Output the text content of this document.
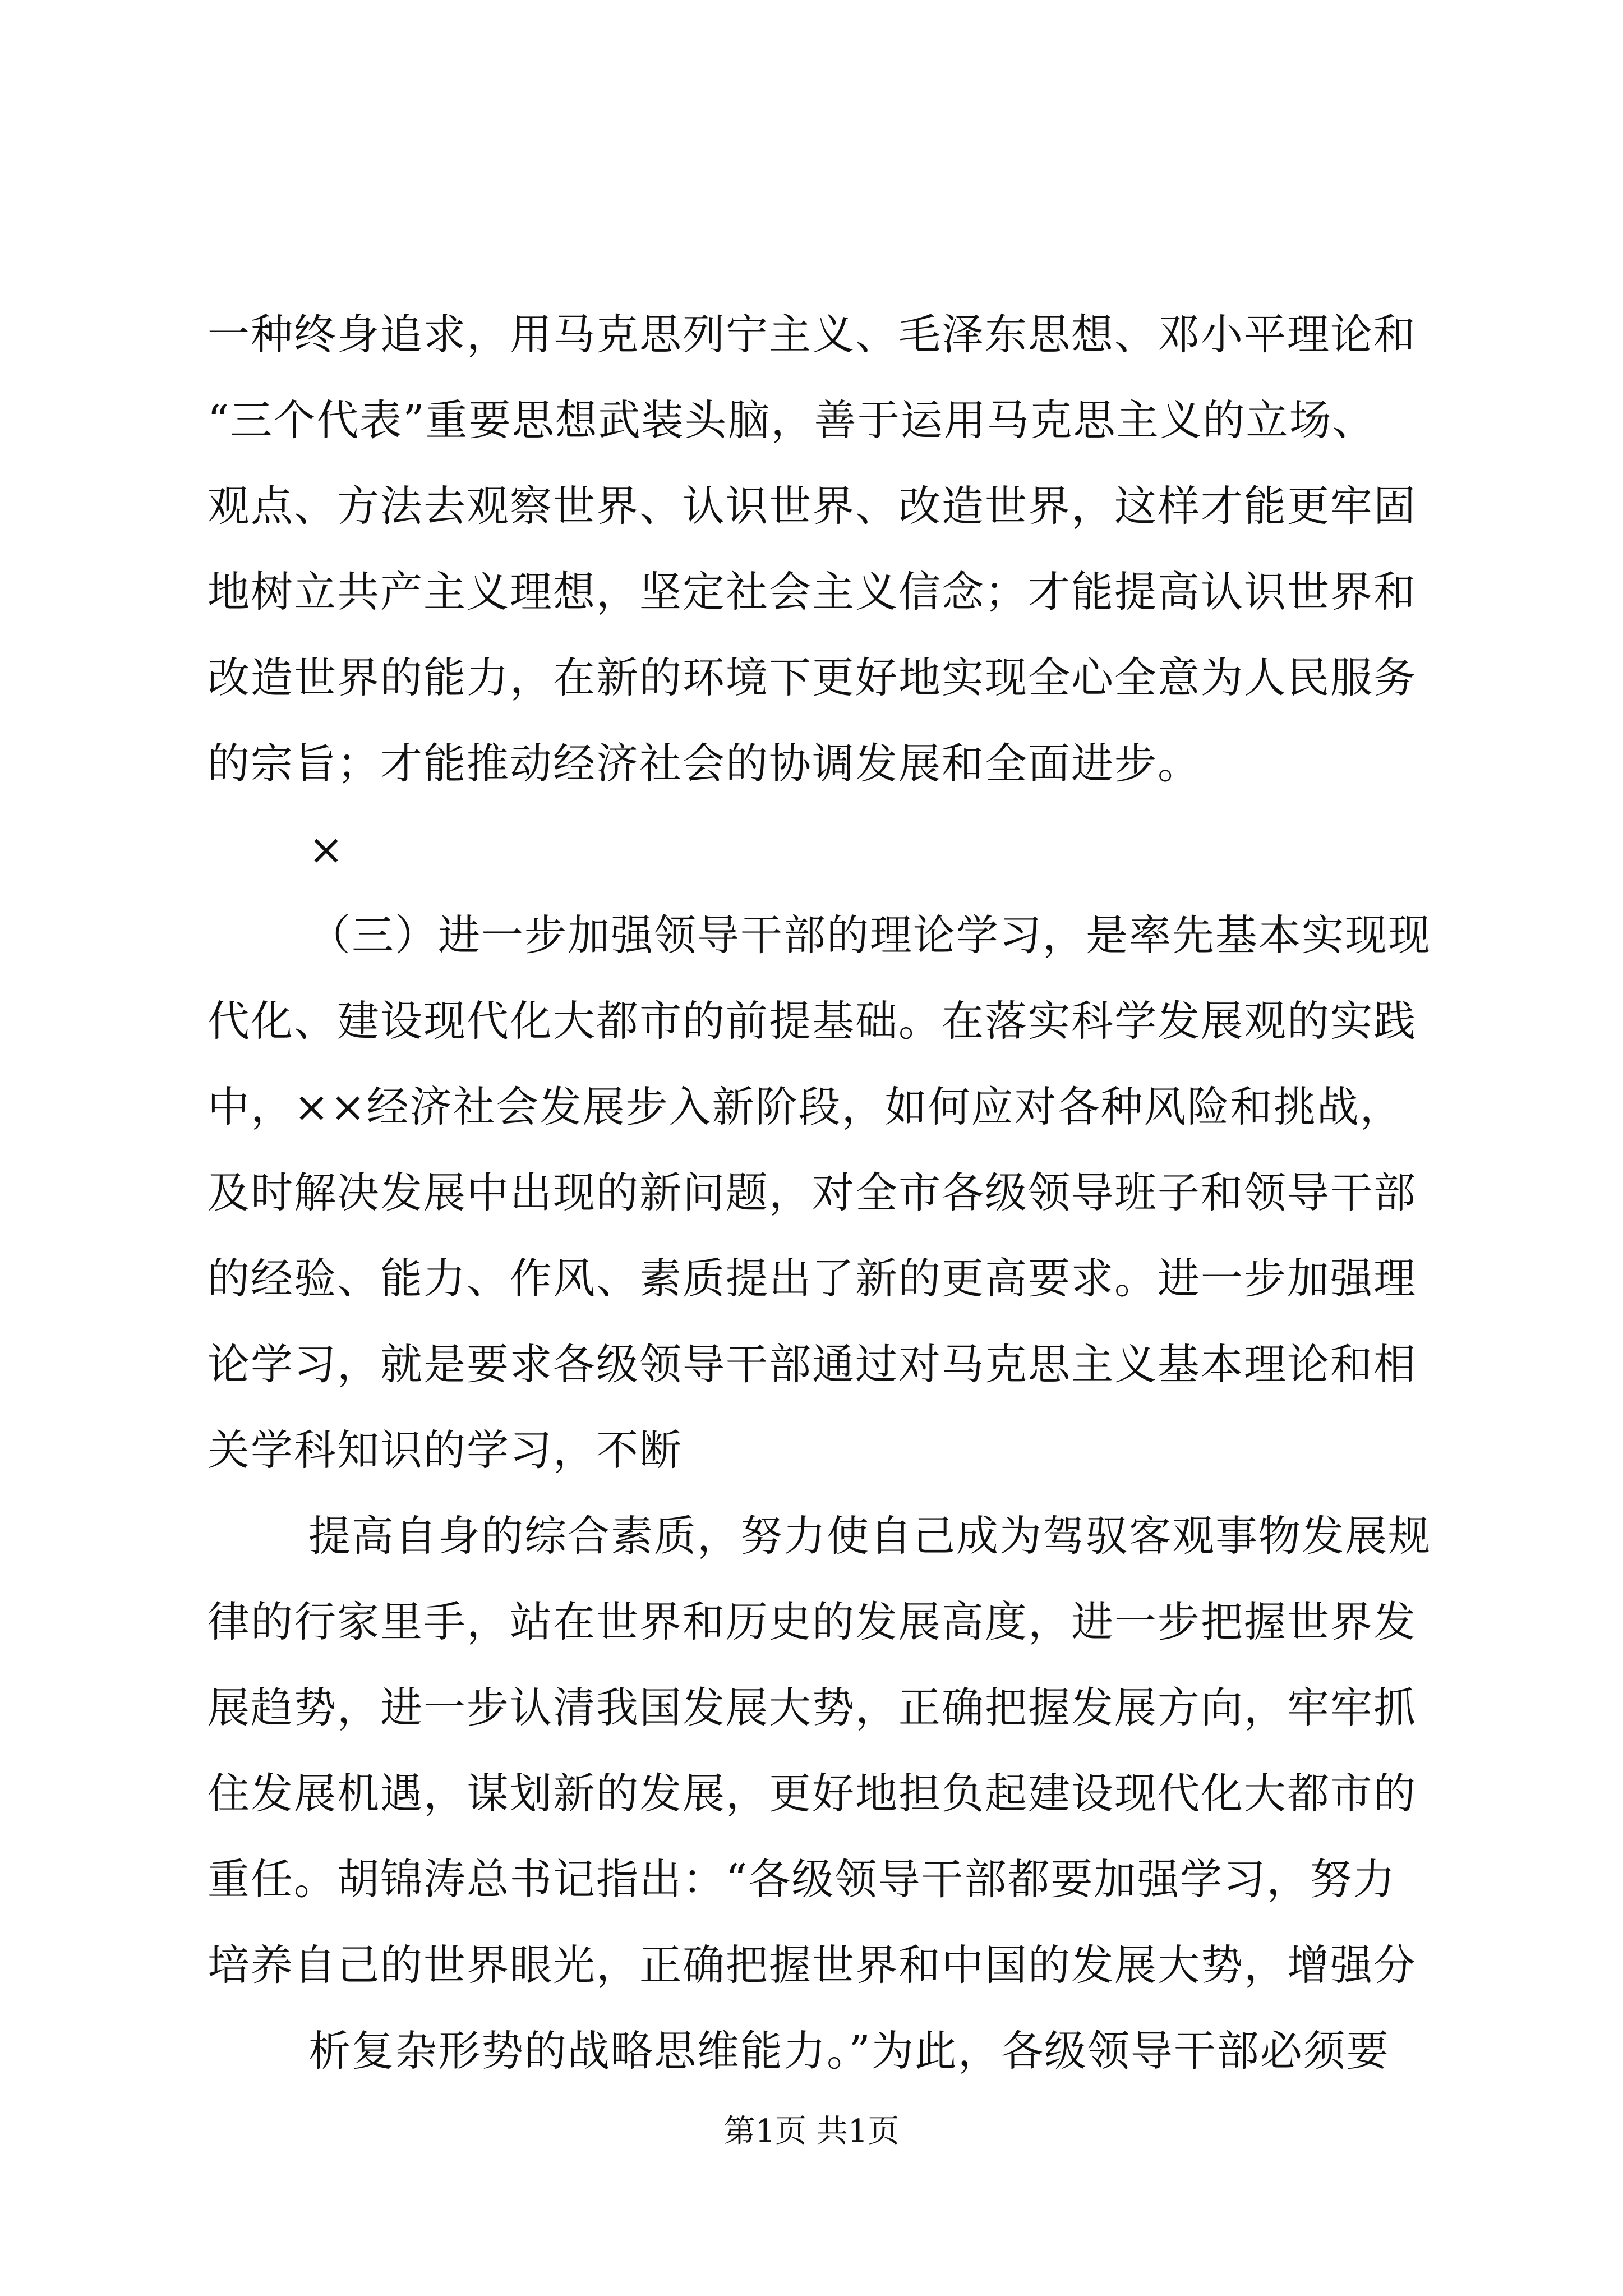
一种终身追求，用马克思列宁主义、毛泽东思想、邓小平理论和
“三个代表”重要思想武装头脑，善于运用马克思主义的立场、
观点、方法去观察世界、认识世界、改造世界，这样才能更牢固
地树立共产主义理想，坚定社会主义信念；才能提高认识世界和
改造世界的能力，在新的环境下更好地实现全心全意为人民服务
的宗旨；才能推动经济社会的协调发展和全面进步。
×
（三）进一步加强领导干部的理论学习，是率先基本实现现
代化、建设现代化大都市的前提基础。在落实科学发展观的实践
中，××经济社会发展步入新阶段，如何应对各种风险和挑战，
及时解决发展中出现的新问题，对全市各级领导班子和领导干部
的经验、能力、作风、素质提出了新的更高要求。进一步加强理
论学习，就是要求各级领导干部通过对马克思主义基本理论和相
关学科知识的学习，不断
提高自身的综合素质，努力使自己成为驾驭客观事物发展规
律的行家里手，站在世界和历史的发展高度，进一步把握世界发
展趋势，进一步认清我国发展大势，正确把握发展方向，牢牢抓
住发展机遇，谋划新的发展，更好地担负起建设现代化大都市的
重任。胡锦涛总书记指出：“各级领导干部都要加强学习，努力
培养自己的世界眼光，正确把握世界和中国的发展大势，增强分
析复杂形势的战略思维能力。”为此，各级领导干部必须要
第1页 共1页
